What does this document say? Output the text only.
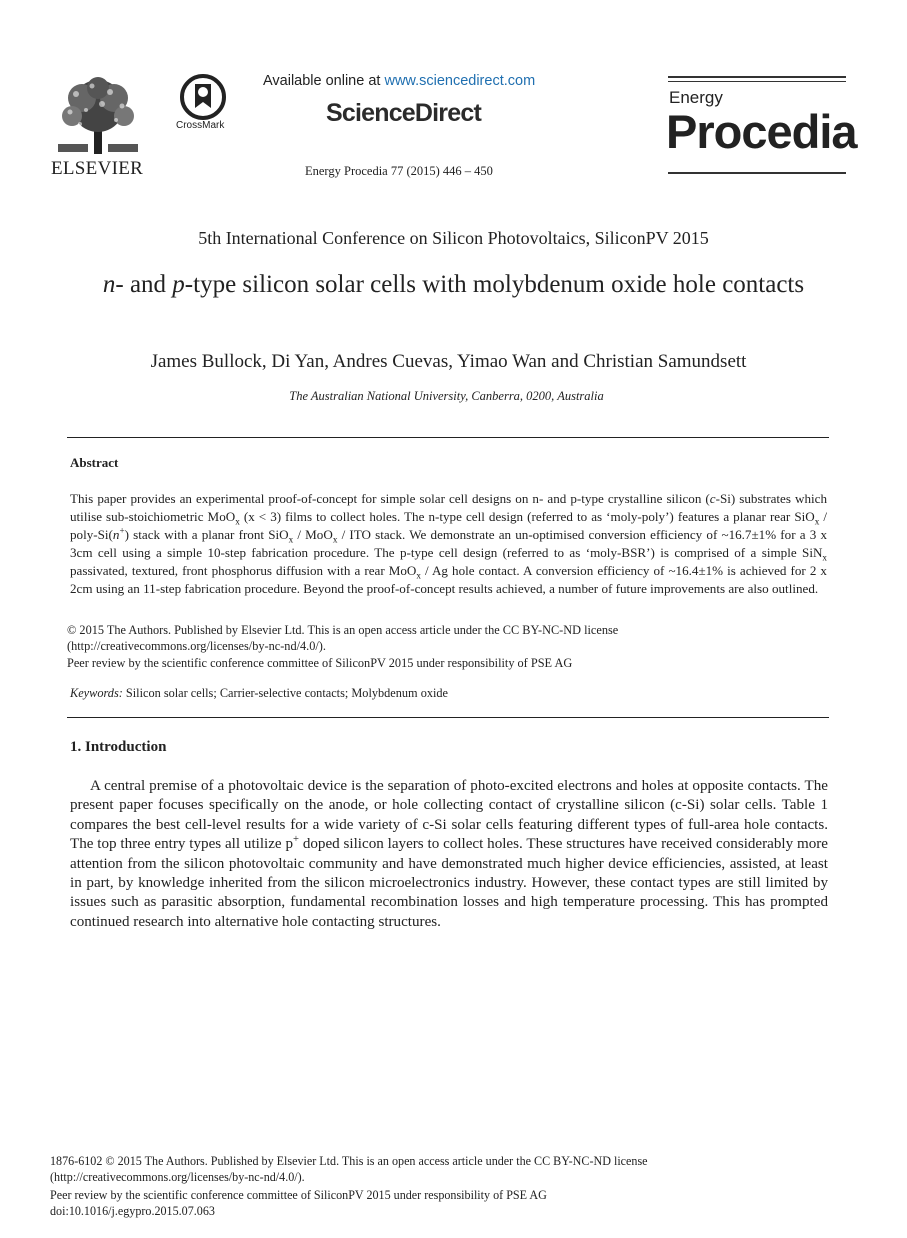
ELSEVIER
CrossMark
Available online at www.sciencedirect.com
ScienceDirect
Energy Procedia 77 (2015) 446 – 450
Energy
Procedia
5th International Conference on Silicon Photovoltaics, SiliconPV 2015
n- and p-type silicon solar cells with molybdenum oxide hole contacts
James Bullock, Di Yan, Andres Cuevas, Yimao Wan and Christian Samundsett
The Australian National University, Canberra, 0200, Australia
Abstract
This paper provides an experimental proof-of-concept for simple solar cell designs on n- and p-type crystalline silicon (c-Si) substrates which utilise sub-stoichiometric MoO$_x$ (x < 3) films to collect holes. The n-type cell design (referred to as ‘moly-poly’) features a planar rear SiO$_x$ / poly-Si(n+) stack with a planar front SiO$_x$ / MoO$_x$ / ITO stack. We demonstrate an un-optimised conversion efficiency of ~16.7±1% for a 3 x 3cm cell using a simple 10-step fabrication procedure. The p-type cell design (referred to as ‘moly-BSR’) is comprised of a simple SiN$_x$ passivated, textured, front phosphorus diffusion with a rear MoO$_x$ / Ag hole contact. A conversion efficiency of ~16.4±1% is achieved for 2 x 2cm using an 11-step fabrication procedure. Beyond the proof-of-concept results achieved, a number of future improvements are also outlined.
© 2015 The Authors. Published by Elsevier Ltd. This is an open access article under the CC BY-NC-ND license
(http://creativecommons.org/licenses/by-nc-nd/4.0/).
Peer review by the scientific conference committee of SiliconPV 2015 under responsibility of PSE AG
Keywords: Silicon solar cells; Carrier-selective contacts; Molybdenum oxide
1. Introduction
A central premise of a photovoltaic device is the separation of photo-excited electrons and holes at opposite contacts. The present paper focuses specifically on the anode, or hole collecting contact of crystalline silicon (c-Si) solar cells. Table 1 compares the best cell-level results for a wide variety of c-Si solar cells featuring different types of full-area hole contacts. The top three entry types all utilize p+ doped silicon layers to collect holes. These structures have received considerably more attention from the silicon photovoltaic community and have demonstrated much higher device efficiencies, assisted, at least in part, by knowledge inherited from the silicon microelectronics industry. However, these contact types are still limited by issues such as parasitic absorption, fundamental recombination losses and high temperature processing. This has prompted continued research into alternative hole contacting structures.
1876-6102 © 2015 The Authors. Published by Elsevier Ltd. This is an open access article under the CC BY-NC-ND license
(http://creativecommons.org/licenses/by-nc-nd/4.0/).
Peer review by the scientific conference committee of SiliconPV 2015 under responsibility of PSE AG
doi:10.1016/j.egypro.2015.07.063
